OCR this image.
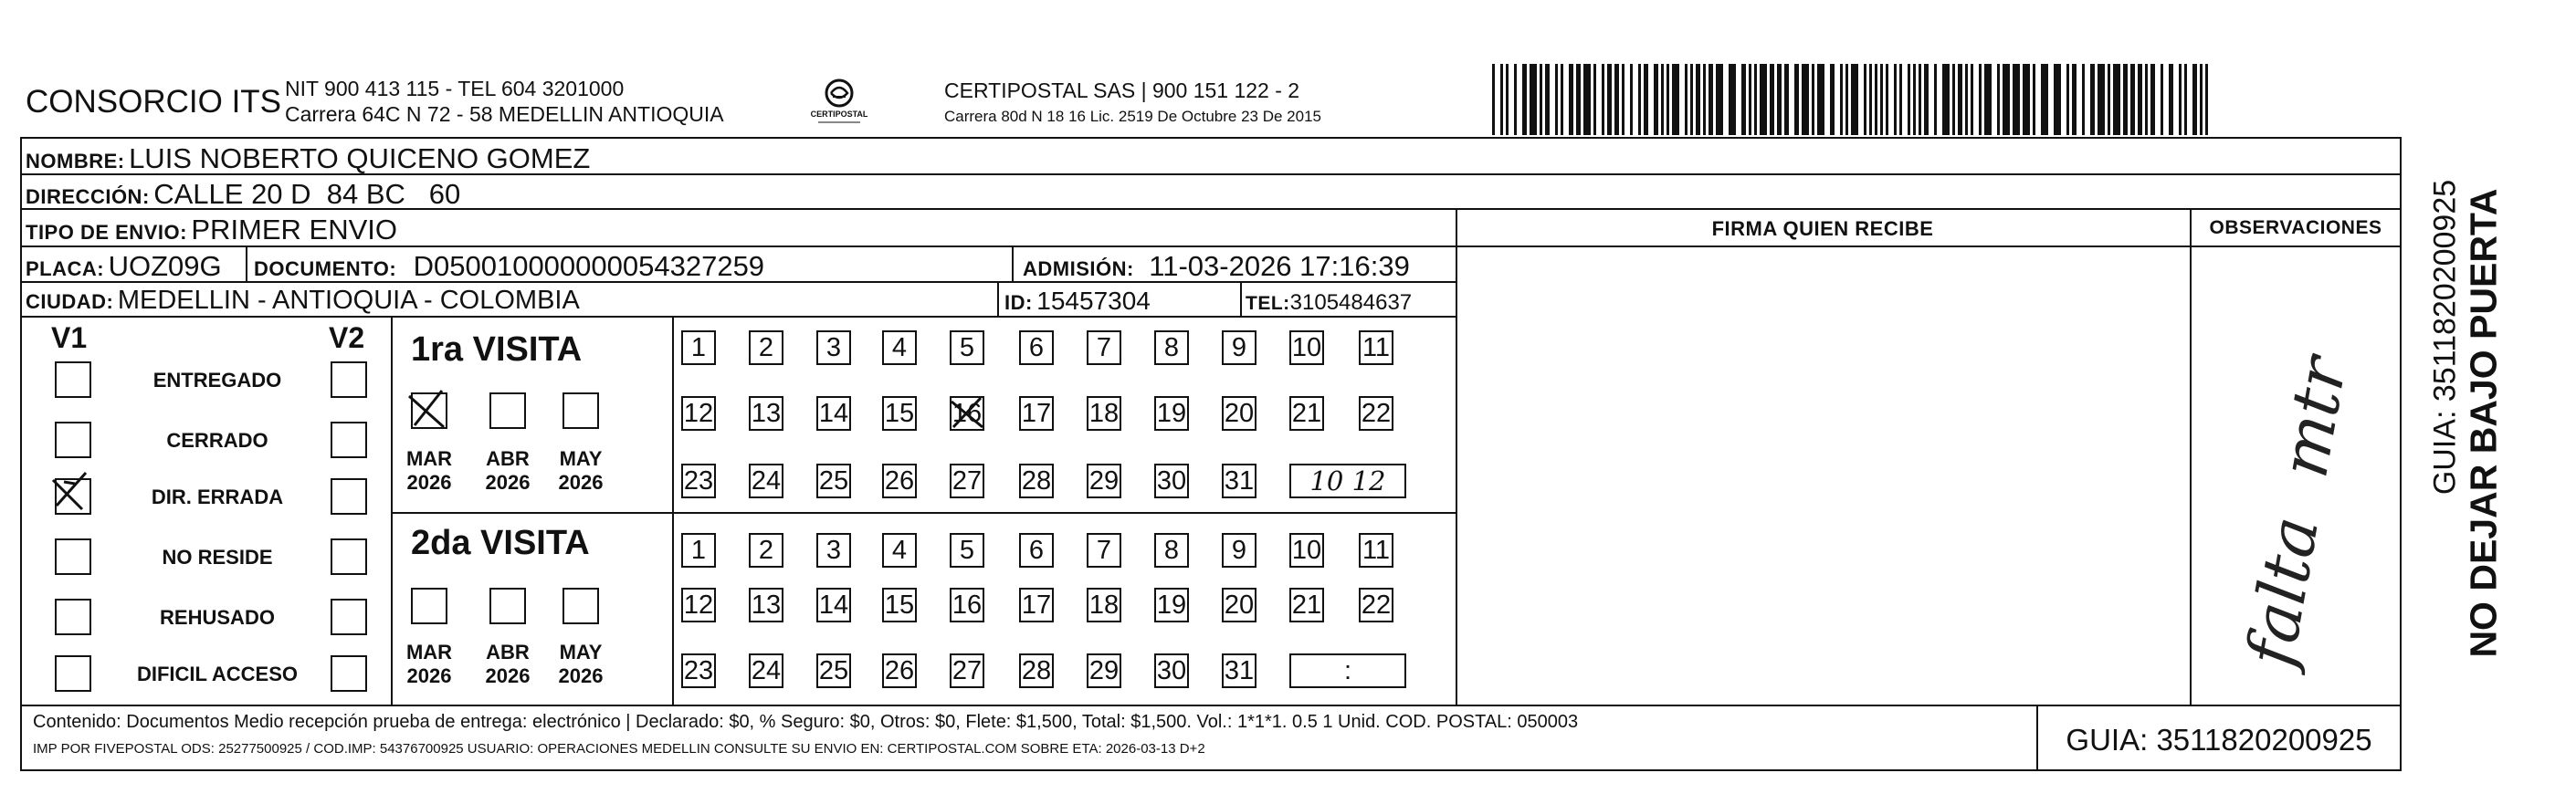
CONSORCIO ITS NIT 900 413 115 - TEL 604 3201000
Carrera 64C N 72 - 58 MEDELLIN ANTIOQUIA	CERTIPOSTAL
CERTIPOSTAL SAS | 900 151 122 - 2
Carrera 80d N 18 16 Lic. 2519 De Octubre 23 De 2015
NOMBRE: LUIS NOBERTO QUICENO GOMEZ
DIRECCIÓN: CALLE 20 D  84 BC   60
TIPO DE ENVIO: PRIMER ENVIO
PLACA: UOZ09G DOCUMENTO: D050010000000054327259	ADMISIÓN: 11-03-2026 17:16:39
CIUDAD: MEDELLIN - ANTIOQUIA - COLOMBIA	ID: 15457304	TEL:3105484637
FIRMA QUIEN RECIBE	OBSERVACIONES
falta  mtr	NO DEJAR BAJO PUERTA
GUIA: 3511820200925
V1	V2
ENTREGADO
CERRADO
DIR. ERRADA
NO RESIDE
REHUSADO
DIFICIL ACCESO
1ra VISITA
2da VISITA
MAR
2026
ABR
2026
MAY
2026
1	2	3	4	5	6	7	8	9	10 11
12 13 14 15 16 17 18 19 20 21 22
23 24 25 26 27 28 29 30 31	10 12
MAR
2026
ABR
2026
MAY
2026
1	2	3	4	5	6	7	8	9	10 11
12 13 14 15 16 17 18 19 20 21 22
23 24 25 26 27 28 29 30 31	:
Contenido: Documentos Medio recepción prueba de entrega: electrónico | Declarado: $0, % Seguro: $0, Otros: $0, Flete: $1,500, Total: $1,500. Vol.: 1*1*1. 0.5 1 Unid. COD. POSTAL: 050003
IMP POR FIVEPOSTAL ODS: 25277500925 / COD.IMP: 54376700925 USUARIO: OPERACIONES MEDELLIN CONSULTE SU ENVIO EN: CERTIPOSTAL.COM SOBRE ETA: 2026-03-13 D+2	GUIA: 3511820200925
